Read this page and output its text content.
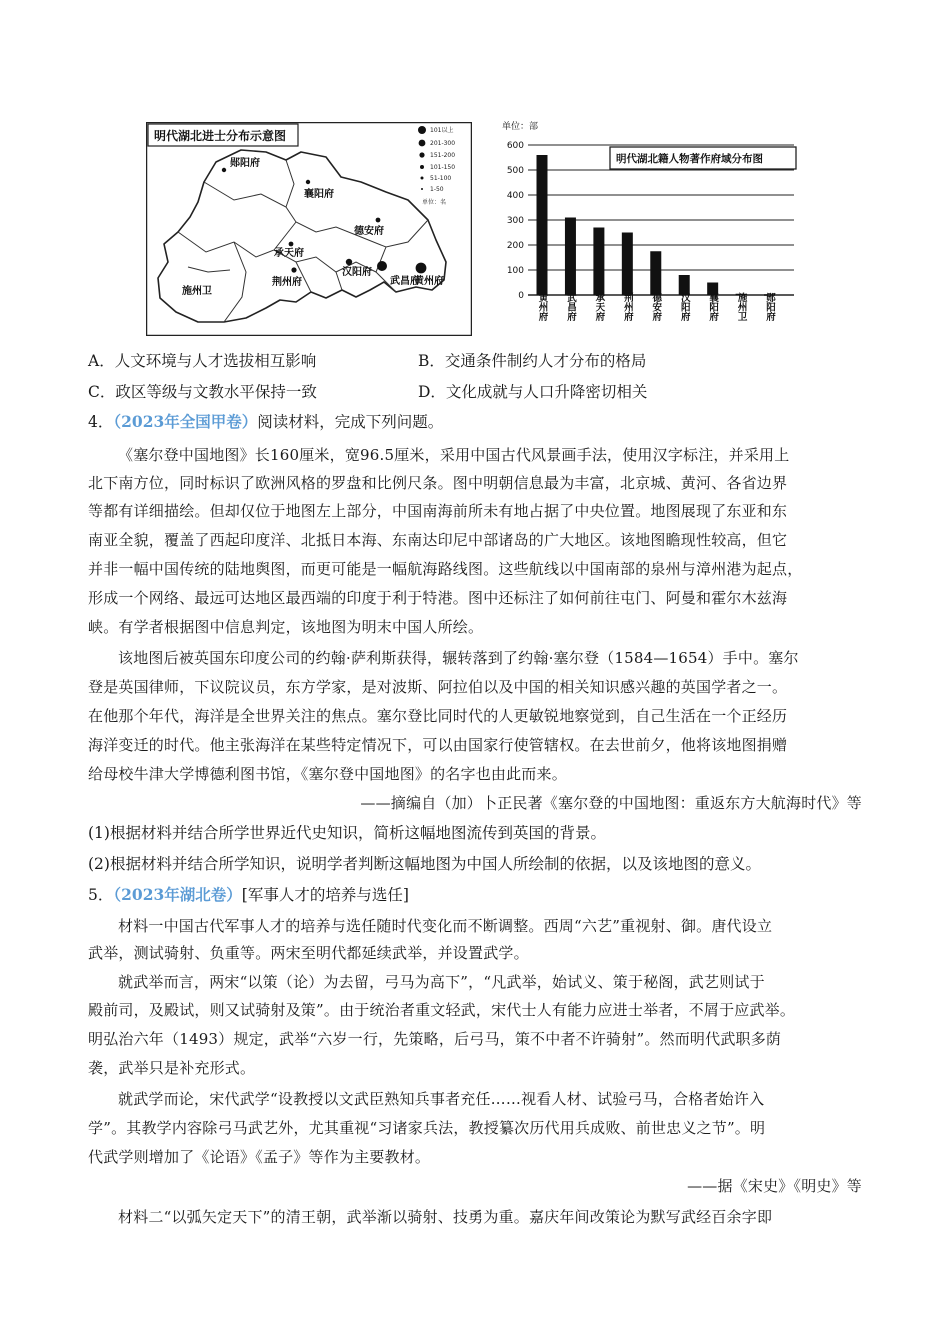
明代湖北进士分布示意图	101以上
201-300
151-200
101-150
51-100
1-50
单位：名
郧阳府
襄阳府
德安府
承天府
汉阳府
武昌府
黄州府
荆州府
施州卫
单位：部
0
100
200
300
400
500
600
黄州府 武昌府 承天府 荆州府 德安府 汉阳府 襄阳府 施州卫 郧阳府
明代湖北籍人物著作府域分布图
A．人文环境与人才选拔相互影响	B．交通条件制约人才分布的格局
C．政区等级与文教水平保持一致	D．文化成就与人口升降密切相关
4．（2023年全国甲卷）阅读材料，完成下列问题。
《塞尔登中国地图》长160厘米，宽96.5厘米，采用中国古代风景画手法，使用汉字标注，并采用上
北下南方位，同时标识了欧洲风格的罗盘和比例尺条。图中明朝信息最为丰富，北京城、黄河、各省边界
等都有详细描绘。但却仅位于地图左上部分，中国南海前所未有地占据了中央位置。地图展现了东亚和东
南亚全貌，覆盖了西起印度洋、北抵日本海、东南达印尼中部诸岛的广大地区。该地图瞻现性较高，但它
并非一幅中国传统的陆地舆图，而更可能是一幅航海路线图。这些航线以中国南部的泉州与漳州港为起点，
形成一个网络、最远可达地区最西端的印度于利于特港。图中还标注了如何前往屯门、阿曼和霍尔木兹海
峡。有学者根据图中信息判定，该地图为明末中国人所绘。
该地图后被英国东印度公司的约翰·萨利斯获得，辗转落到了约翰·塞尔登（1584—1654）手中。塞尔
登是英国律师，下议院议员，东方学家，是对波斯、阿拉伯以及中国的相关知识感兴趣的英国学者之一。
在他那个年代，海洋是全世界关注的焦点。塞尔登比同时代的人更敏锐地察觉到，自己生活在一个正经历
海洋变迁的时代。他主张海洋在某些特定情况下，可以由国家行使管辖权。在去世前夕，他将该地图捐赠
给母校牛津大学博德利图书馆，《塞尔登中国地图》的名字也由此而来。
——摘编自（加）卜正民著《塞尔登的中国地图：重返东方大航海时代》等
(1)根据材料并结合所学世界近代史知识，简析这幅地图流传到英国的背景。
(2)根据材料并结合所学知识，说明学者判断这幅地图为中国人所绘制的依据，以及该地图的意义。
5．（2023年湖北卷）[军事人才的培养与选任]
材料一中国古代军事人才的培养与选任随时代变化而不断调整。西周“六艺”重视射、御。唐代设立
武举，测试骑射、负重等。两宋至明代都延续武举，并设置武学。
就武举而言，两宋“以策（论）为去留，弓马为高下”，“凡武举，始试义、策于秘阁，武艺则试于
殿前司，及殿试，则又试骑射及策”。由于统治者重文轻武，宋代士人有能力应进士举者，不屑于应武举。
明弘治六年（1493）规定，武举“六岁一行，先策略，后弓马，策不中者不许骑射”。然而明代武职多荫
袭，武举只是补充形式。
就武学而论，宋代武学“设教授以文武臣熟知兵事者充任……视看人材、试验弓马，合格者始许入
学”。其教学内容除弓马武艺外，尤其重视“习诸家兵法，教授纂次历代用兵成败、前世忠义之节”。明
代武学则增加了《论语》《孟子》等作为主要教材。
——据《宋史》《明史》等
材料二“以弧矢定天下”的清王朝，武举渐以骑射、技勇为重。嘉庆年间改策论为默写武经百余字即
